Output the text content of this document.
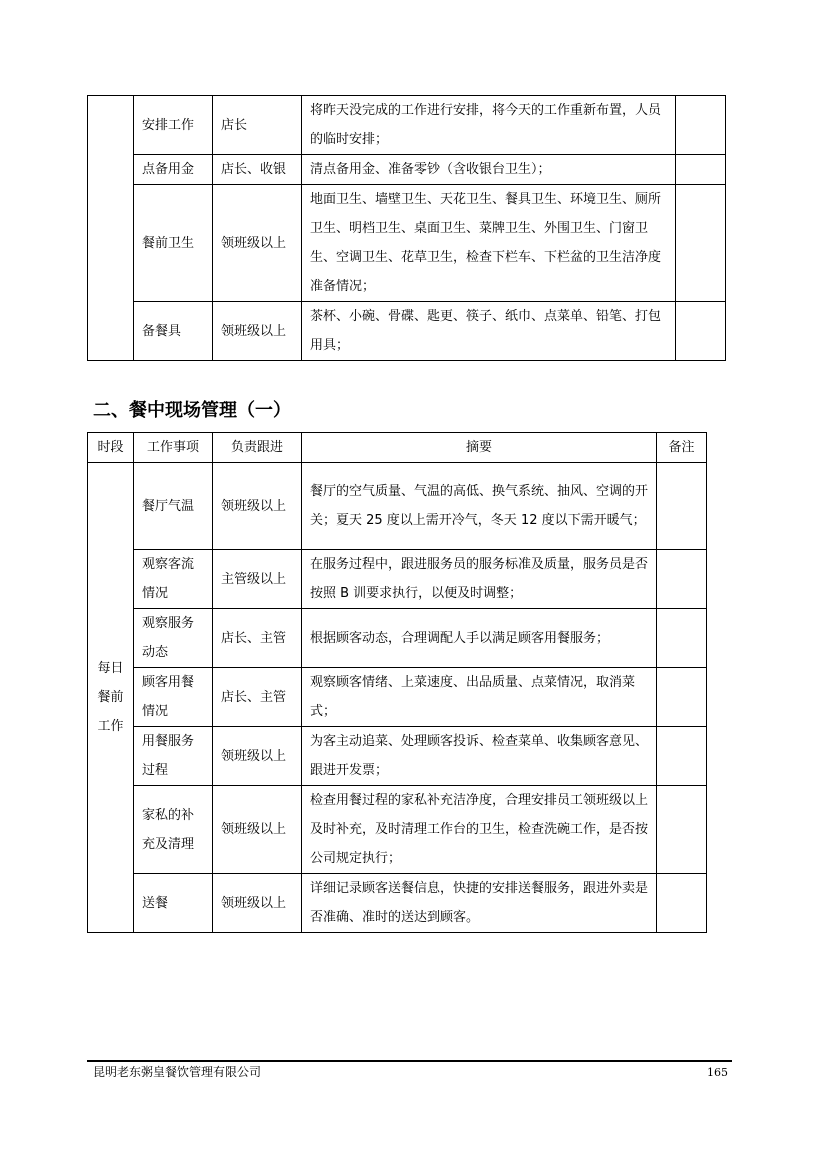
	安排工作	店长	将昨天没完成的工作进行安排，将今天的工作重新布置，人员的临时安排；	
	点备用金	店长、收银	清点备用金、准备零钞（含收银台卫生）；	
	餐前卫生	领班级以上	地面卫生、墙壁卫生、天花卫生、餐具卫生、环境卫生、厕所卫生、明档卫生、桌面卫生、菜牌卫生、外围卫生、门窗卫生、空调卫生、花草卫生，检查下栏车、下栏盆的卫生洁净度准备情况；	
	备餐具	领班级以上	茶杯、小碗、骨碟、匙更、筷子、纸巾、点菜单、铅笔、打包用具；	
二、餐中现场管理（一）
时段	工作事项	负责跟进	摘要	备注

每日
餐前
工作	餐厅气温	领班级以上	餐厅的空气质量、气温的高低、换气系统、抽风、空调的开关；夏天 25 度以上需开冷气，冬天 12 度以下需开暖气；	
	观察客流情况	主管级以上	在服务过程中，跟进服务员的服务标准及质量，服务员是否按照 B 训要求执行，以便及时调整；	
	观察服务动态	店长、主管	根据顾客动态，合理调配人手以满足顾客用餐服务；	
	顾客用餐情况	店长、主管	观察顾客情绪、上菜速度、出品质量、点菜情况，取消菜式；	
	用餐服务过程	领班级以上	为客主动追菜、处理顾客投诉、检查菜单、收集顾客意见、跟进开发票；	
	家私的补充及清理	领班级以上	检查用餐过程的家私补充洁净度，合理安排员工领班级以上及时补充，及时清理工作台的卫生，检查洗碗工作，是否按公司规定执行；	
	送餐	领班级以上	详细记录顾客送餐信息，快捷的安排送餐服务，跟进外卖是否准确、准时的送达到顾客。	
昆明老东粥皇餐饮管理有限公司	165
